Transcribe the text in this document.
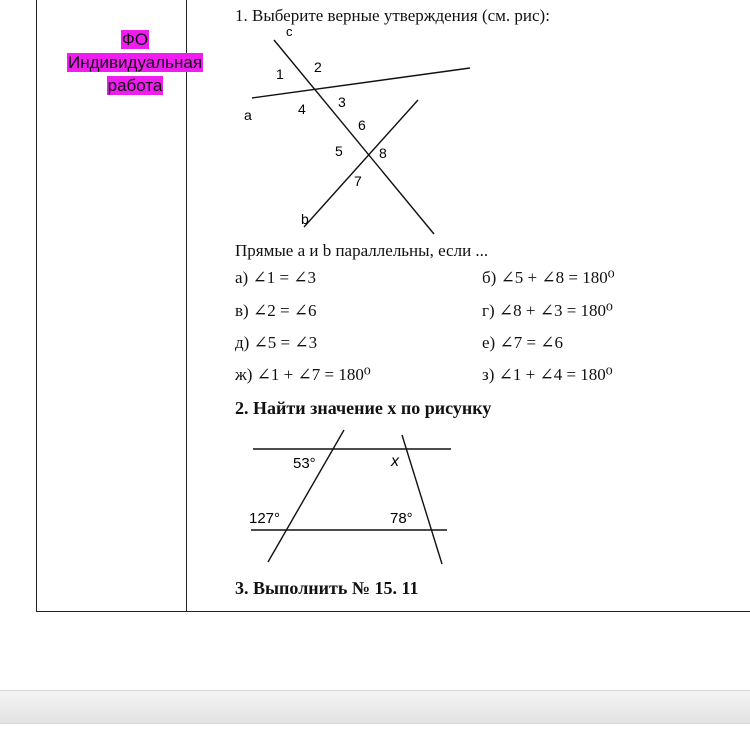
ФО
Индивидуальная
работа
1. Выберите верные утверждения (см. рис):
c
a
b
1 2
3
4
5
6
7
8
Прямые a и b параллельны, если ...
а) ∠1 = ∠3	б) ∠5 + ∠8 = 180⁰
в) ∠2 = ∠6	г) ∠8 + ∠3 = 180⁰
д) ∠5 = ∠3	е) ∠7 = ∠6
ж) ∠1 + ∠7 = 180⁰	з) ∠1 + ∠4 = 180⁰
2. Найти значение х по рисунку
53°	x
127°	78°
3. Выполнить № 15. 11
